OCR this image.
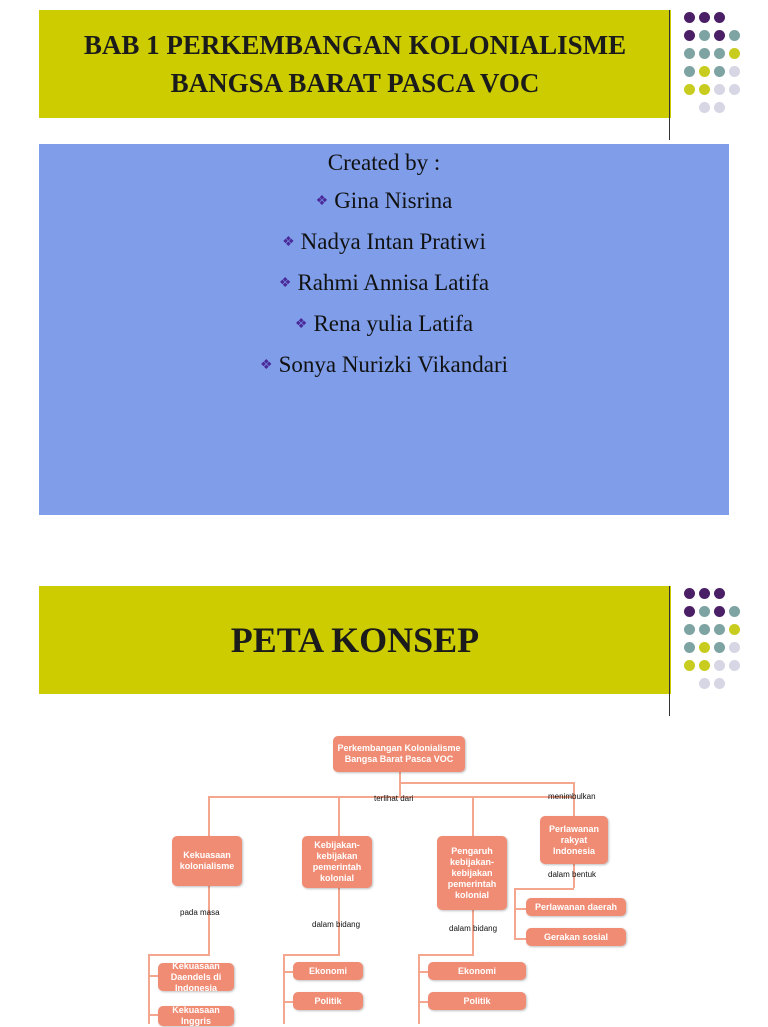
BAB 1 PERKEMBANGAN KOLONIALISME
BANGSA BARAT PASCA VOC
Created by :
❖ Gina Nisrina
❖ Nadya Intan Pratiwi
❖ Rahmi Annisa Latifa
❖ Rena yulia Latifa
❖ Sonya Nurizki Vikandari
PETA KONSEP
Perkembangan Kolonialisme Bangsa Barat Pasca VOC
terlihat dari	menimbulkan
Kekuasaan kolonialisme
Kebijakan-kebijakan pemerintah kolonial
Pengaruh kebijakan-kebijakan pemerintah kolonial
Perlawanan rakyat Indonesia
pada masa
dalam bidang	dalam bidang
dalam bentuk
Kekuasaan Daendels di Indonesia
Kekuasaan Inggris
Ekonomi
Politik
Ekonomi
Politik
Perlawanan daerah
Gerakan sosial
